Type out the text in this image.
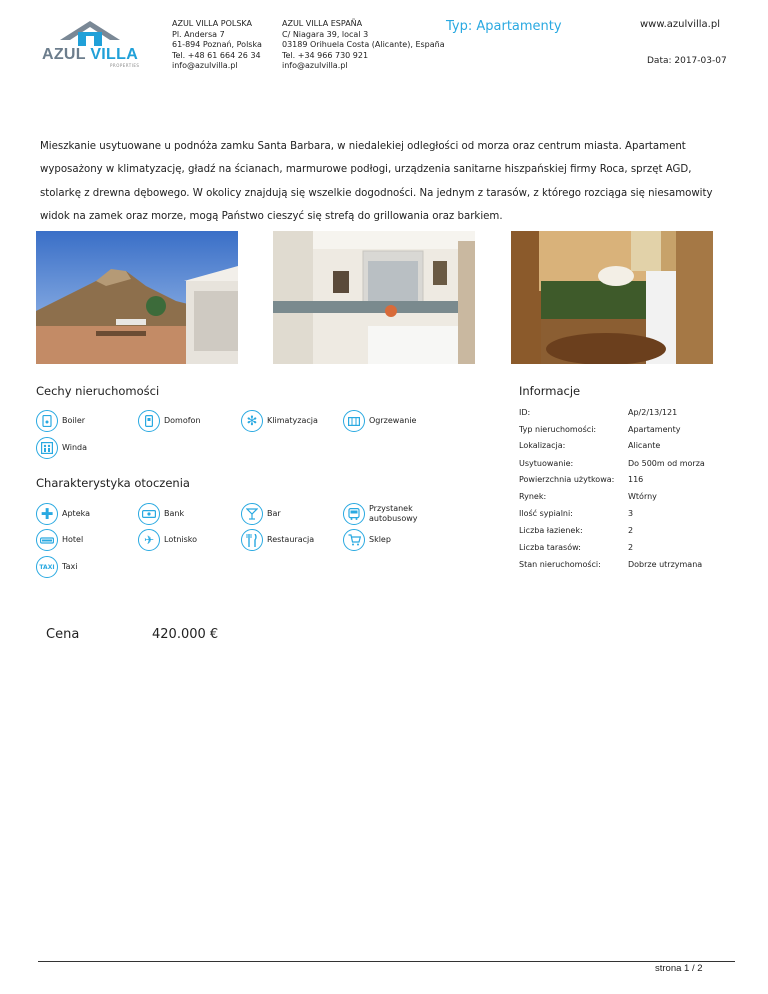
AZUL VILLA
PROPERTIES
AZUL VILLA POLSKA
Pl. Andersa 7
61-894 Poznań, Polska
Tel. +48 61 664 26 34
info@azulvilla.pl
AZUL VILLA ESPAÑA
C/ Niagara 39, local 3
03189 Orihuela Costa (Alicante), España
Tel. +34 966 730 921
info@azulvilla.pl
Typ: Apartamenty	www.azulvilla.pl
Data: 2017-03-07
Mieszkanie usytuowane u podnóża zamku Santa Barbara, w niedalekiej odległości od morza oraz centrum miasta. Apartament wyposażony w klimatyzację, gładź na ścianach, marmurowe podłogi, urządzenia sanitarne hiszpańskiej firmy Roca, sprzęt AGD, stolarkę z drewna dębowego. W okolicy znajdują się wszelkie dogodności. Na jednym z tarasów, z którego rozciąga się niesamowity widok na zamek oraz morze, mogą Państwo cieszyć się strefą do grillowania oraz barkiem.
Cechy nieruchomości
Boiler	Domofon	✻	Klimatyzacja	Ogrzewanie
Winda
Charakterystyka otoczenia
✚	Apteka	Bank	Bar
Przystanek autobusowy
Hotel	✈	Lotnisko	Restauracja	Sklep
TAXI Taxi
Informacje
ID:	Ap/2/13/121
Typ nieruchomości:	Apartamenty
Lokalizacja:	Alicante
Usytuowanie:	Do 500m od morza
Powierzchnia użytkowa: 116
Rynek:	Wtórny
Ilość sypialni:	3
Liczba łazienek:	2
Liczba tarasów:	2
Stan nieruchomości:	Dobrze utrzymana
Cena	420.000 €
strona 1 / 2
